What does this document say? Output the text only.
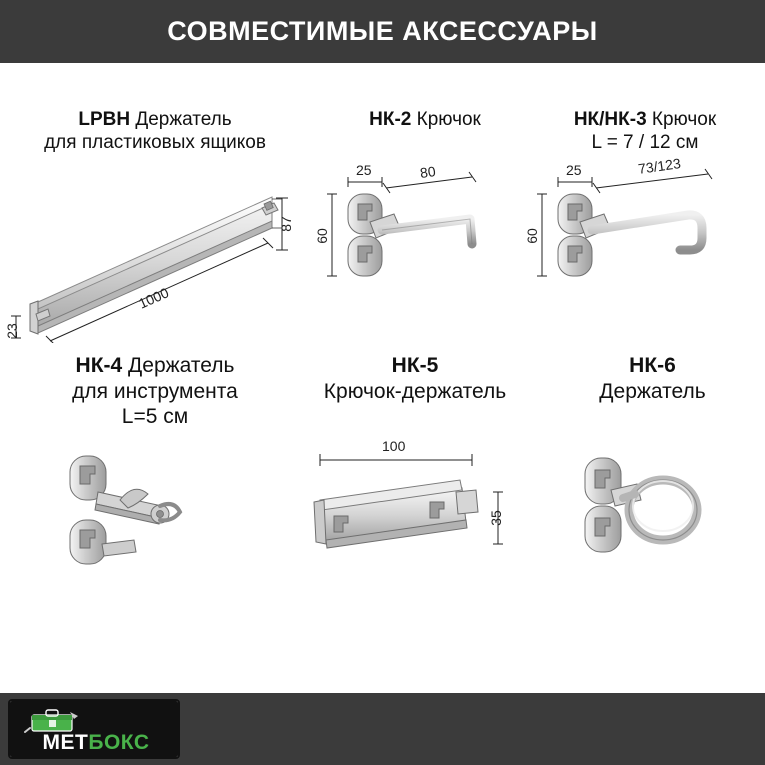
СОВМЕСТИМЫЕ АКСЕССУАРЫ
LPBH Держатель
для пластиковых ящиков
87
1000
23
НК-2 Крючок
25	80
60
НК/НК-3 Крючок
L = 7 / 12 см
25	73/123
60
НК-4 Держатель
для инструмента
L=5 см
НК-5
Крючок-держатель
100
35
НК-6
Держатель
МЕТБОКС
